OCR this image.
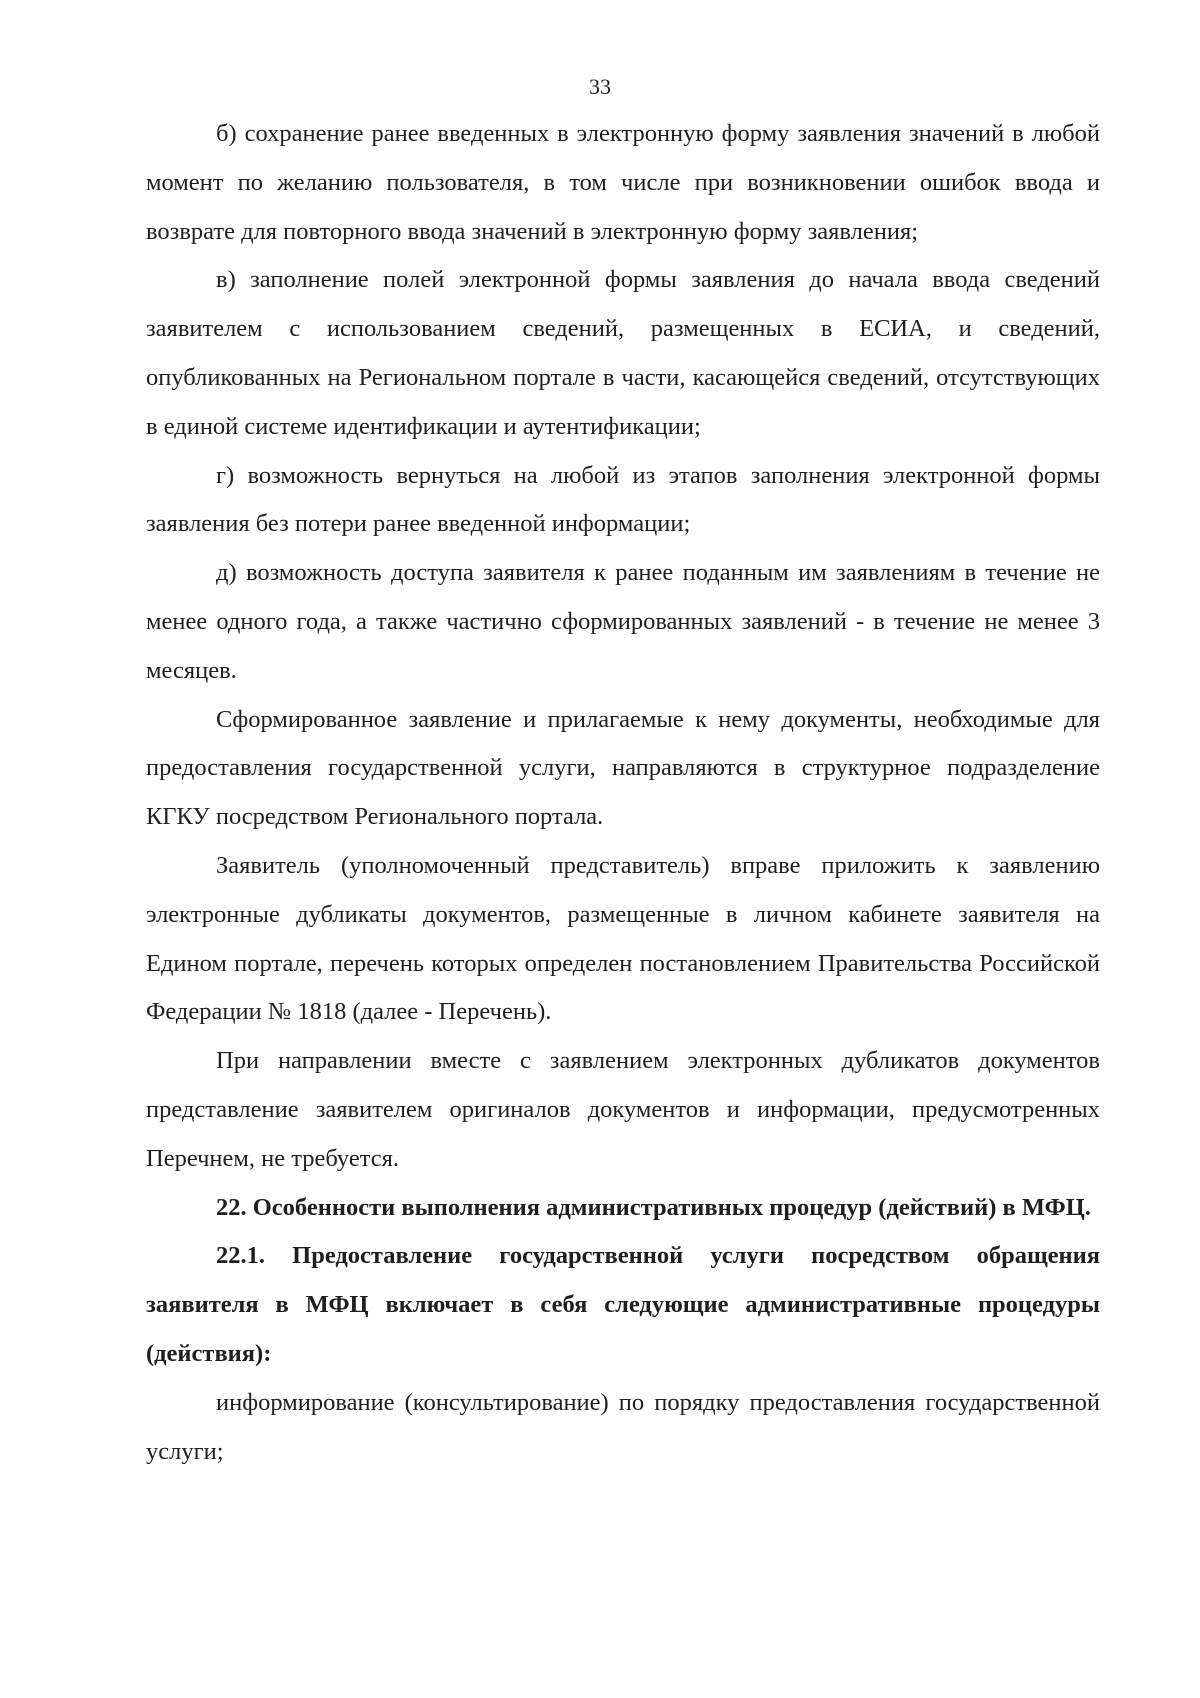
33

б) сохранение ранее введенных в электронную форму заявления значений в любой момент по желанию пользователя, в том числе при возникновении ошибок ввода и возврате для повторного ввода значений в электронную форму заявления;

в) заполнение полей электронной формы заявления до начала ввода сведений заявителем с использованием сведений, размещенных в ЕСИА, и сведений, опубликованных на Региональном портале в части, касающейся сведений, отсутствующих в единой системе идентификации и аутентификации;

г) возможность вернуться на любой из этапов заполнения электронной формы заявления без потери ранее введенной информации;

д) возможность доступа заявителя к ранее поданным им заявлениям в течение не менее одного года, а также частично сформированных заявлений - в течение не менее 3 месяцев.

Сформированное заявление и прилагаемые к нему документы, необходимые для предоставления государственной услуги, направляются в структурное подразделение КГКУ посредством Регионального портала.

Заявитель (уполномоченный представитель) вправе приложить к заявлению электронные дубликаты документов, размещенные в личном кабинете заявителя на Едином портале, перечень которых определен постановлением Правительства Российской Федерации № 1818 (далее - Перечень).

При направлении вместе с заявлением электронных дубликатов документов представление заявителем оригиналов документов и информации, предусмотренных Перечнем, не требуется.

22. Особенности выполнения административных процедур (действий) в МФЦ.

22.1. Предоставление государственной услуги посредством обращения заявителя в МФЦ включает в себя следующие административные процедуры (действия):

информирование (консультирование) по порядку предоставления государственной услуги;
